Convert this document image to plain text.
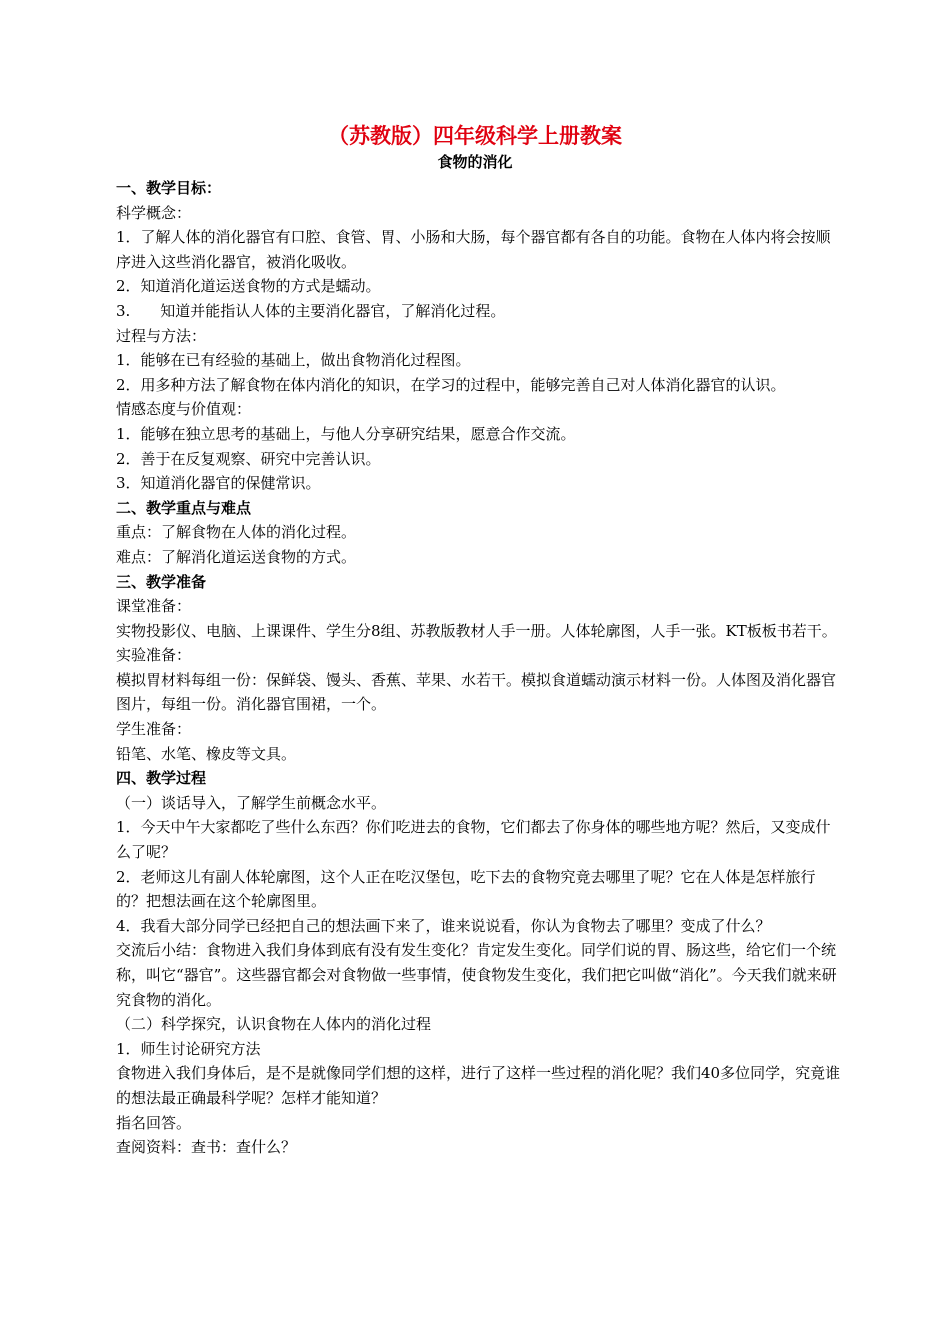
（苏教版）四年级科学上册教案
食物的消化

一、教学目标：

科学概念：

1．了解人体的消化器官有口腔、食管、胃、小肠和大肠，每个器官都有各自的功能。食物在人体内将会按顺序进入这些消化器官，被消化吸收。

2．知道消化道运送食物的方式是蠕动。

3.　　知道并能指认人体的主要消化器官，了解消化过程。

过程与方法：

1．能够在已有经验的基础上，做出食物消化过程图。

2．用多种方法了解食物在体内消化的知识，在学习的过程中，能够完善自己对人体消化器官的认识。

情感态度与价值观：

1．能够在独立思考的基础上，与他人分享研究结果，愿意合作交流。

2．善于在反复观察、研究中完善认识。

3．知道消化器官的保健常识。

二、教学重点与难点

重点：了解食物在人体的消化过程。

难点：了解消化道运送食物的方式。

三、教学准备

课堂准备：

实物投影仪、电脑、上课课件、学生分8组、苏教版教材人手一册。人体轮廓图，人手一张。KT板板书若干。

实验准备：

模拟胃材料每组一份：保鲜袋、馒头、香蕉、苹果、水若干。模拟食道蠕动演示材料一份。人体图及消化器官图片，每组一份。消化器官围裙，一个。

学生准备：

铅笔、水笔、橡皮等文具。

四、教学过程

（一）谈话导入，了解学生前概念水平。

1．今天中午大家都吃了些什么东西？你们吃进去的食物，它们都去了你身体的哪些地方呢？然后，又变成什么了呢？

2．老师这儿有副人体轮廓图，这个人正在吃汉堡包，吃下去的食物究竟去哪里了呢？它在人体是怎样旅行的？把想法画在这个轮廓图里。

4．我看大部分同学已经把自己的想法画下来了，谁来说说看，你认为食物去了哪里？变成了什么？

交流后小结：食物进入我们身体到底有没有发生变化？肯定发生变化。同学们说的胃、肠这些，给它们一个统称，叫它“器官”。这些器官都会对食物做一些事情，使食物发生变化，我们把它叫做“消化”。今天我们就来研究食物的消化。

（二）科学探究，认识食物在人体内的消化过程

1．师生讨论研究方法

食物进入我们身体后，是不是就像同学们想的这样，进行了这样一些过程的消化呢？我们40多位同学，究竟谁的想法最正确最科学呢？怎样才能知道？

指名回答。

查阅资料：查书：查什么？
